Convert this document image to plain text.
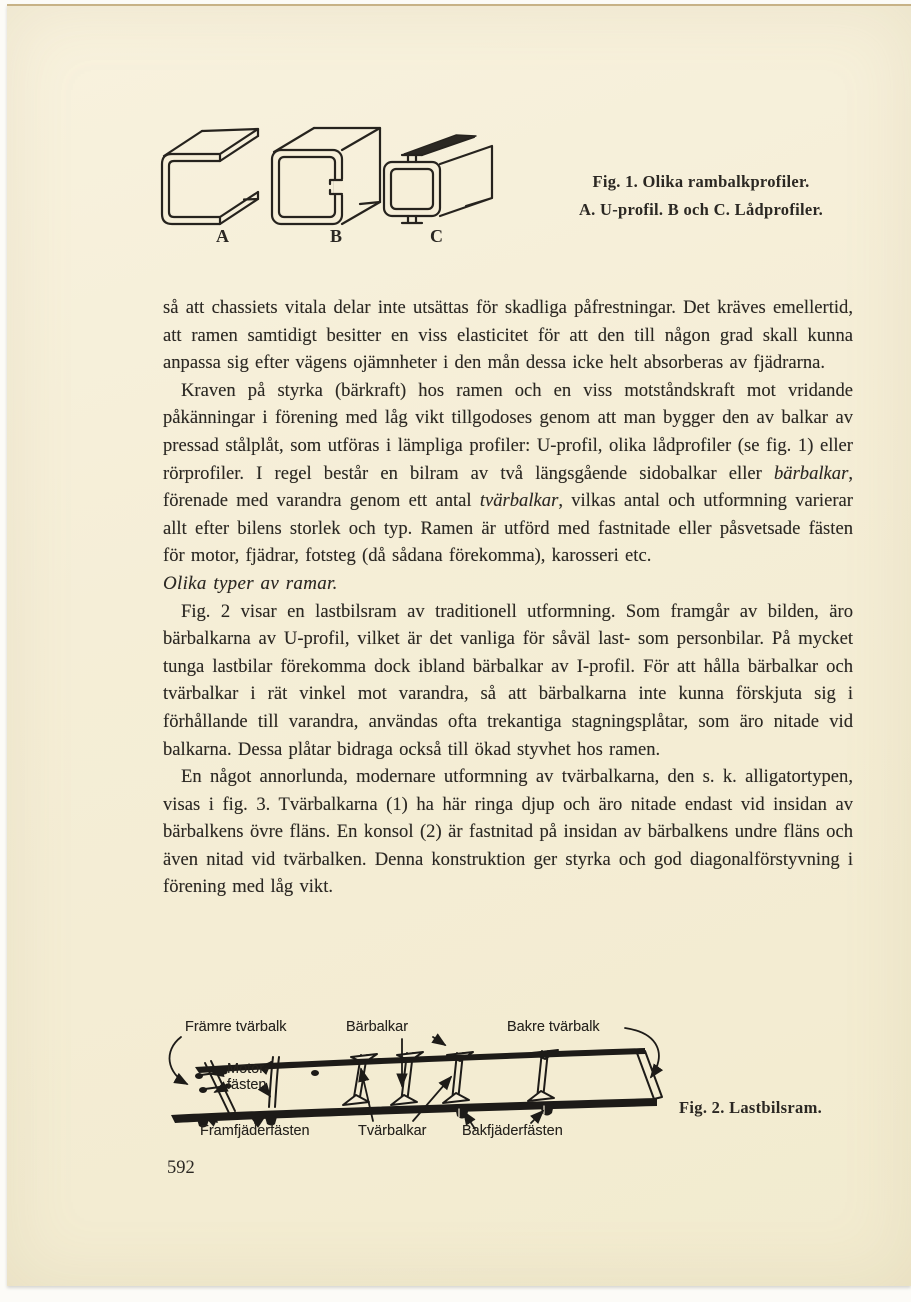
A	B	C
Fig. 1. Olika rambalkprofiler.
A. U-profil. B och C. Lådprofiler.

så att chassiets vitala delar inte utsättas för skadliga påfrestningar. Det kräves emellertid, att ramen samtidigt besitter en viss elasticitet för att den till någon grad skall kunna anpassa sig efter vägens ojämnheter i den mån dessa icke helt absorberas av fjädrarna.

Kraven på styrka (bärkraft) hos ramen och en viss motståndskraft mot vridande påkänningar i förening med låg vikt tillgodoses genom att man bygger den av balkar av pressad stålplåt, som utföras i lämpliga profiler: U-profil, olika lådprofiler (se fig. 1) eller rörprofiler. I regel består en bilram av två längsgående sidobalkar eller bärbalkar, förenade med varandra genom ett antal tvärbalkar, vilkas antal och utformning varierar allt efter bilens storlek och typ. Ramen är utförd med fastnitade eller påsvetsade fästen för motor, fjädrar, fotsteg (då sådana förekomma), karosseri etc.

Olika typer av ramar.

Fig. 2 visar en lastbilsram av traditionell utformning. Som framgår av bilden, äro bärbalkarna av U-profil, vilket är det vanliga för såväl last- som personbilar. På mycket tunga lastbilar förekomma dock ibland bärbalkar av I-profil. För att hålla bärbalkar och tvärbalkar i rät vinkel mot varandra, så att bärbalkarna inte kunna förskjuta sig i förhållande till varandra, användas ofta trekantiga stagningsplåtar, som äro nitade vid balkarna. Dessa plåtar bidraga också till ökad styvhet hos ramen.

En något annorlunda, modernare utformning av tvärbalkarna, den s. k. alligatortypen, visas i fig. 3. Tvärbalkarna (1) ha här ringa djup och äro nitade endast vid insidan av bärbalkens övre fläns. En konsol (2) är fastnitad på insidan av bärbalkens undre fläns och även nitad vid tvärbalken. Denna konstruktion ger styrka och god diagonalförstyvning i förening med låg vikt.

Främre tvärbalk	Bärbalkar	Bakre tvärbalk
Motor-
fästen
Framfjäderfästen	Tvärbalkar Bakfjäderfästen
Fig. 2. Lastbilsram.
592
